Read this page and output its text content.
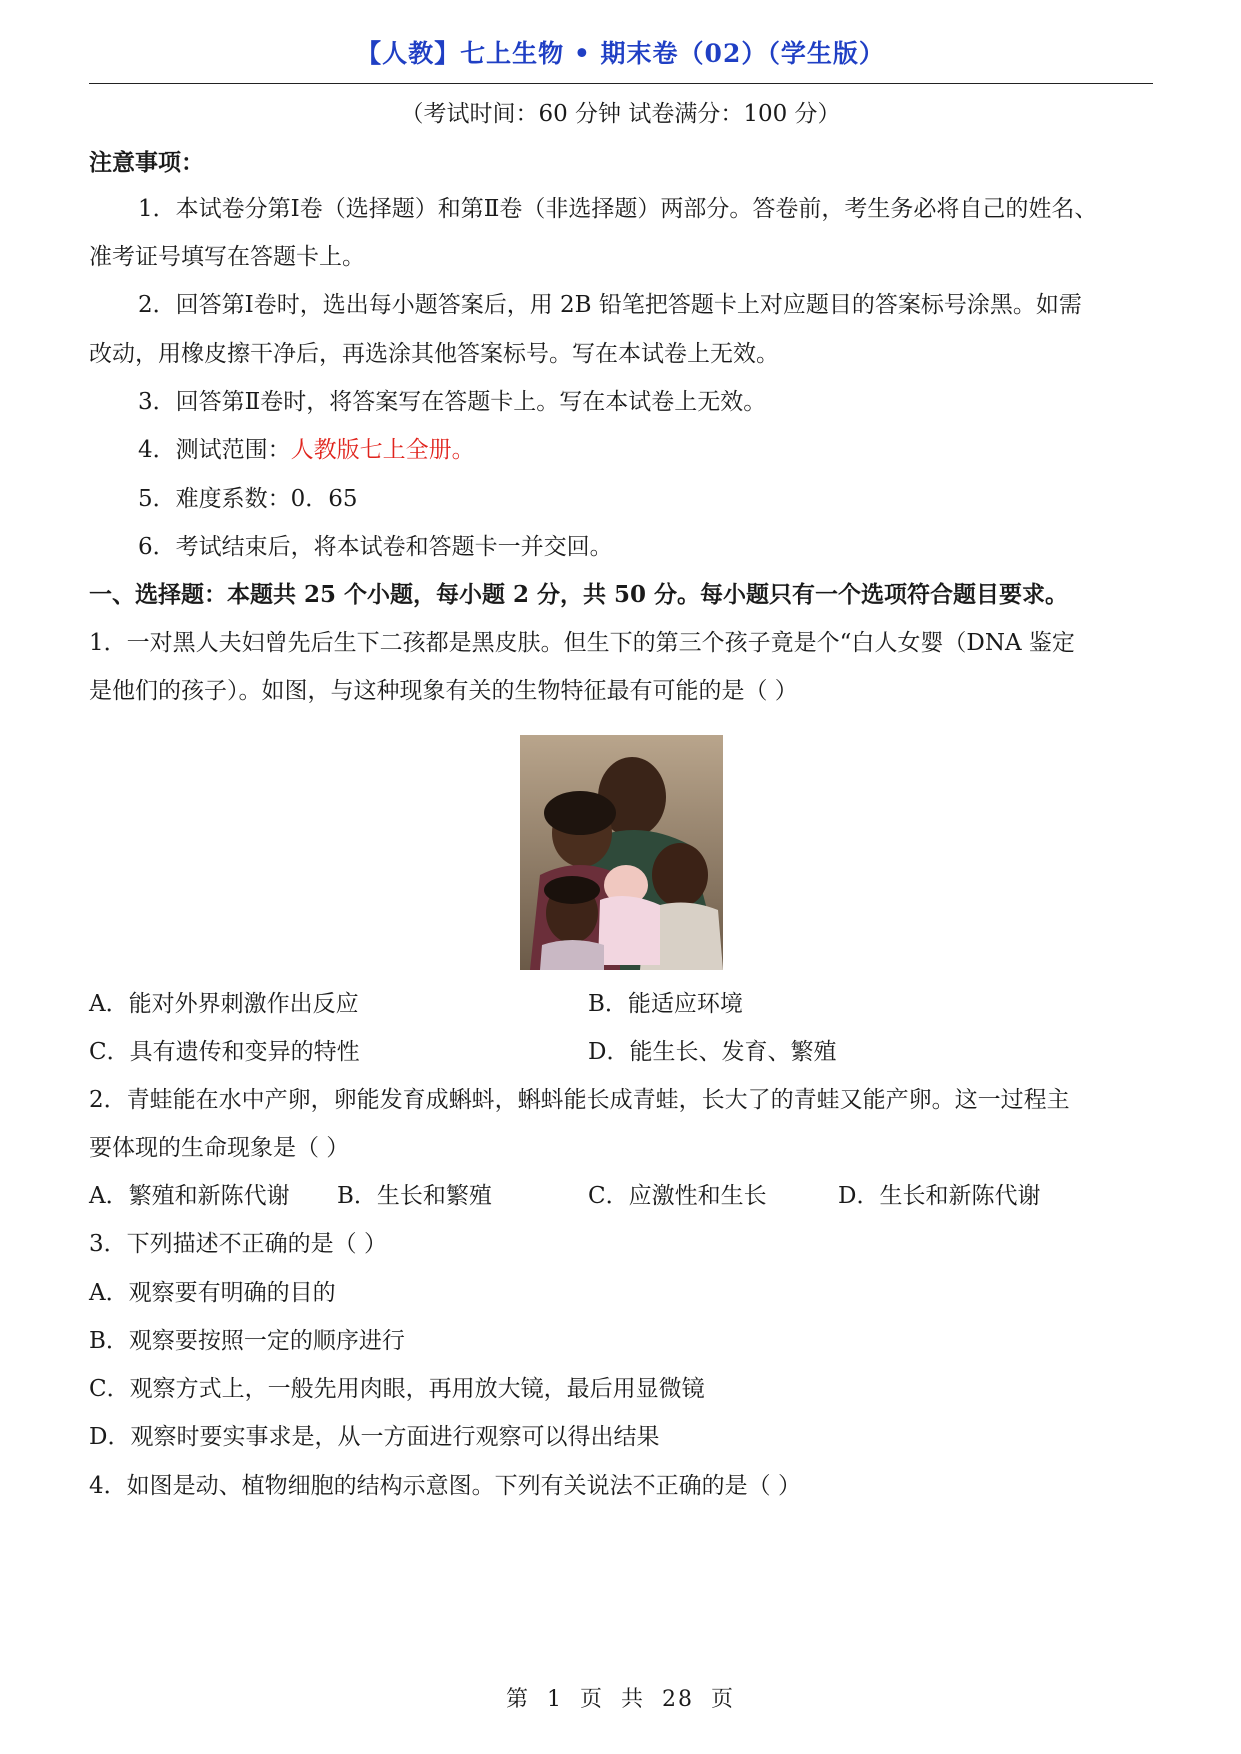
【人教】七上生物 • 期末卷（02）（学生版）
（考试时间：60 分钟 试卷满分：100 分）
注意事项：
1．本试卷分第Ⅰ卷（选择题）和第Ⅱ卷（非选择题）两部分。答卷前，考生务必将自己的姓名、
准考证号填写在答题卡上。
2．回答第Ⅰ卷时，选出每小题答案后，用 2B 铅笔把答题卡上对应题目的答案标号涂黑。如需
改动，用橡皮擦干净后，再选涂其他答案标号。写在本试卷上无效。
3．回答第Ⅱ卷时，将答案写在答题卡上。写在本试卷上无效。
4．测试范围：人教版七上全册。
5．难度系数：0．65
6．考试结束后，将本试卷和答题卡一并交回。
一、选择题：本题共 25 个小题，每小题 2 分，共 50 分。每小题只有一个选项符合题目要求。
1．一对黑人夫妇曾先后生下二孩都是黑皮肤。但生下的第三个孩子竟是个“白人女婴（DNA 鉴定
是他们的孩子）。如图，与这种现象有关的生物特征最有可能的是（ ）
A．能对外界刺激作出反应	B．能适应环境
C．具有遗传和变异的特性	D．能生长、发育、繁殖
2．青蛙能在水中产卵，卵能发育成蝌蚪，蝌蚪能长成青蛙，长大了的青蛙又能产卵。这一过程主
要体现的生命现象是（ ）
A．繁殖和新陈代谢 B．生长和繁殖	C．应激性和生长	D．生长和新陈代谢
3．下列描述不正确的是（ ）
A．观察要有明确的目的
B．观察要按照一定的顺序进行
C．观察方式上，一般先用肉眼，再用放大镜，最后用显微镜
D．观察时要实事求是，从一方面进行观察可以得出结果
4．如图是动、植物细胞的结构示意图。下列有关说法不正确的是（ ）
第 1 页 共 28 页
